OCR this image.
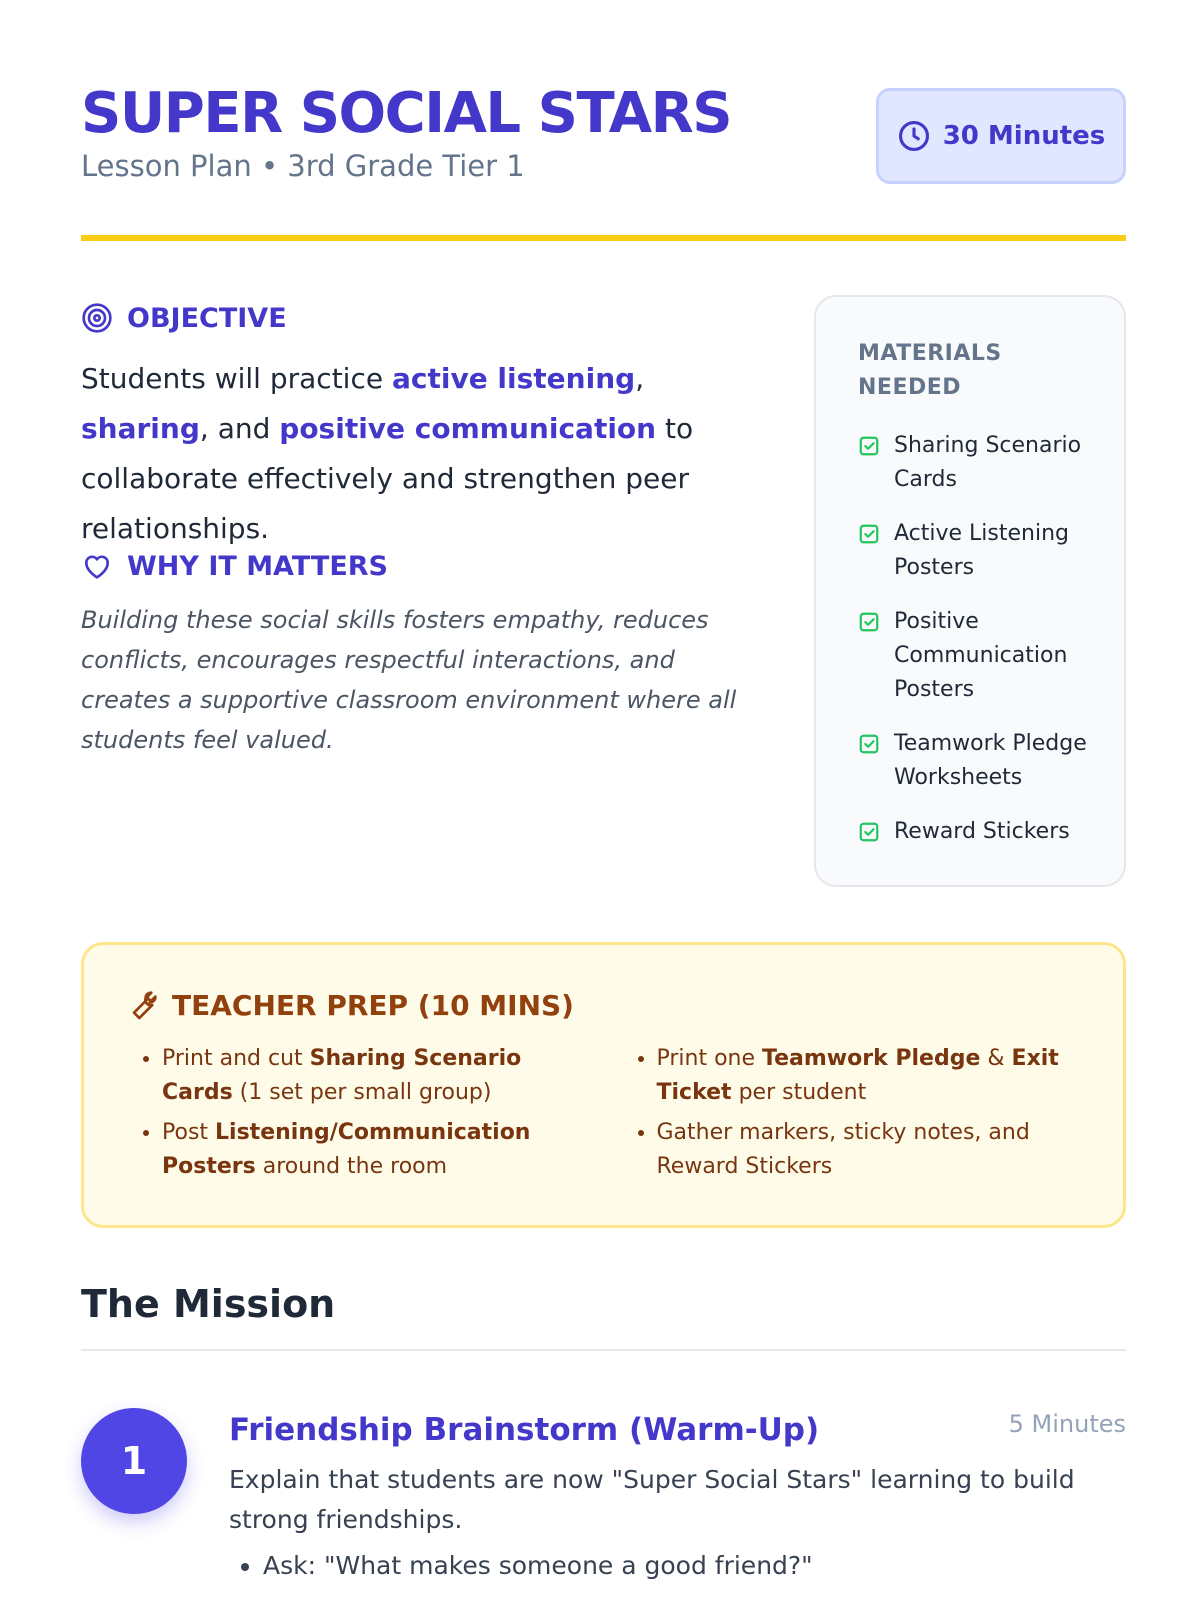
SUPER SOCIAL STARS

Lesson Plan • 3rd Grade Tier 1

30 Minutes
OBJECTIVE

Students will practice active listening, sharing, and positive communication to collaborate effectively and strengthen peer relationships.

WHY IT MATTERS

Building these social skills fosters empathy, reduces conflicts, encourages respectful interactions, and creates a supportive classroom environment where all students feel valued.

MATERIALS NEEDED
Sharing Scenario Cards
Active Listening Posters
Positive Communication Posters
Teamwork Pledge Worksheets
Reward Stickers
TEACHER PREP (10 MINS)
• Print and cut Sharing Scenario Cards (1 set per small group)
• Post Listening/Communication Posters around the room
• Print one Teamwork Pledge & Exit Ticket per student
• Gather markers, sticky notes, and Reward Stickers
The Mission
1
5 Minutes
Friendship Brainstorm (Warm-Up)

Explain that students are now "Super Social Stars" learning to build strong friendships.

• Ask: "What makes someone a good friend?"
